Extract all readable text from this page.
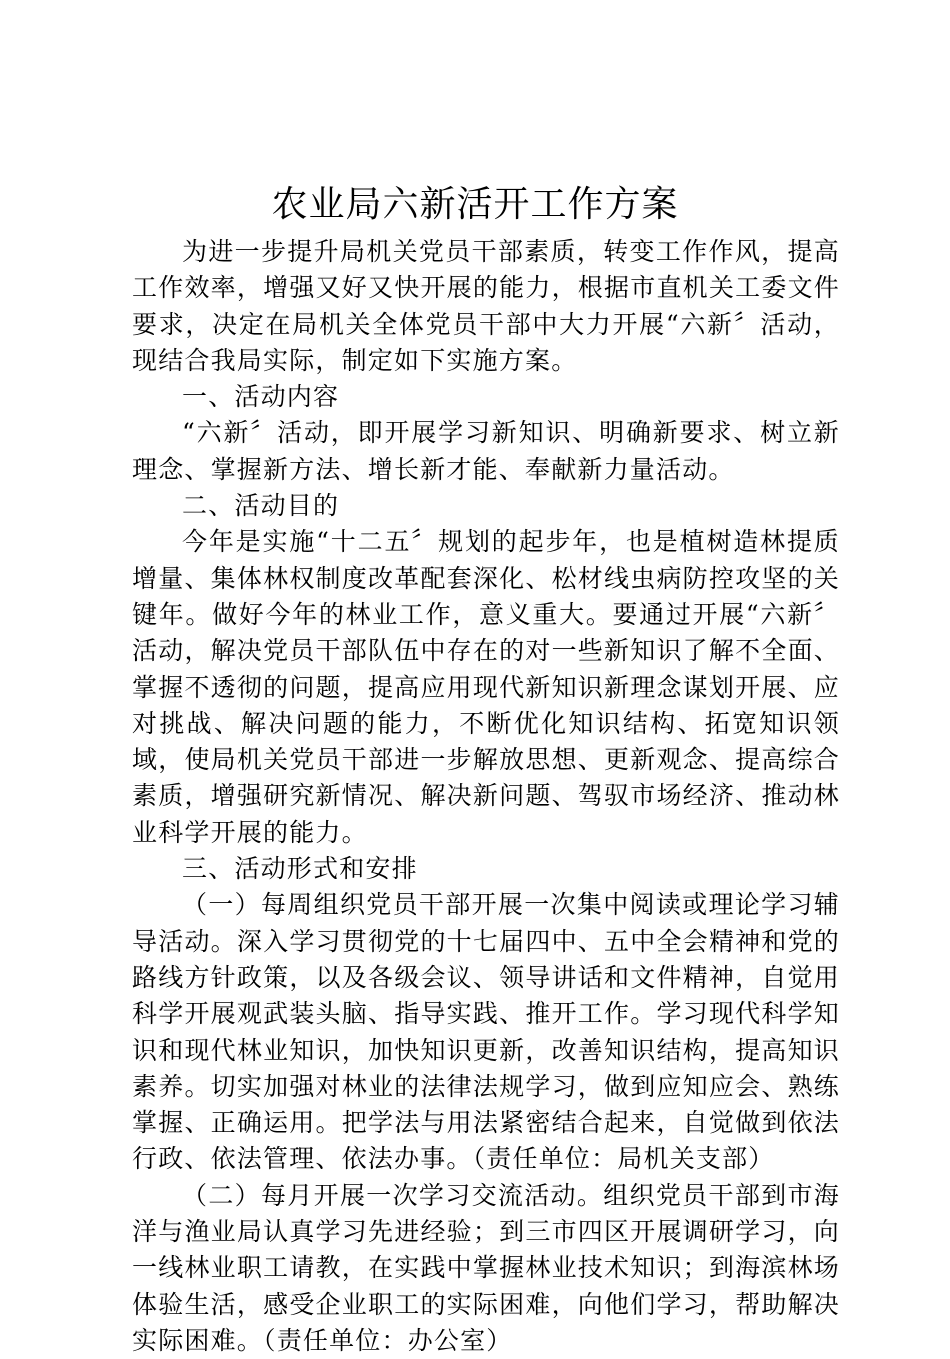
农业局六新活开工作方案

为进一步提升局机关党员干部素质，转变工作作风，提高工作效率，增强又好又快开展的能力，根据市直机关工委文件要求，决定在局机关全体党员干部中大力开展“六新〞活动，现结合我局实际，制定如下实施方案。

一、活动内容

“六新〞活动，即开展学习新知识、明确新要求、树立新理念、掌握新方法、增长新才能、奉献新力量活动。

二、活动目的

今年是实施“十二五〞规划的起步年，也是植树造林提质增量、集体林权制度改革配套深化、松材线虫病防控攻坚的关键年。做好今年的林业工作，意义重大。要通过开展“六新〞活动，解决党员干部队伍中存在的对一些新知识了解不全面、掌握不透彻的问题，提高应用现代新知识新理念谋划开展、应对挑战、解决问题的能力，不断优化知识结构、拓宽知识领域，使局机关党员干部进一步解放思想、更新观念、提高综合素质，增强研究新情况、解决新问题、驾驭市场经济、推动林业科学开展的能力。

三、活动形式和安排

（一）每周组织党员干部开展一次集中阅读或理论学习辅导活动。深入学习贯彻党的十七届四中、五中全会精神和党的路线方针政策，以及各级会议、领导讲话和文件精神，自觉用科学开展观武装头脑、指导实践、推开工作。学习现代科学知识和现代林业知识，加快知识更新，改善知识结构，提高知识素养。切实加强对林业的法律法规学习，做到应知应会、熟练掌握、正确运用。把学法与用法紧密结合起来，自觉做到依法行政、依法管理、依法办事。（责任单位：局机关支部）

（二）每月开展一次学习交流活动。组织党员干部到市海洋与渔业局认真学习先进经验；到三市四区开展调研学习，向一线林业职工请教，在实践中掌握林业技术知识；到海滨林场体验生活，感受企业职工的实际困难，向他们学习，帮助解决实际困难。（责任单位：办公室）
